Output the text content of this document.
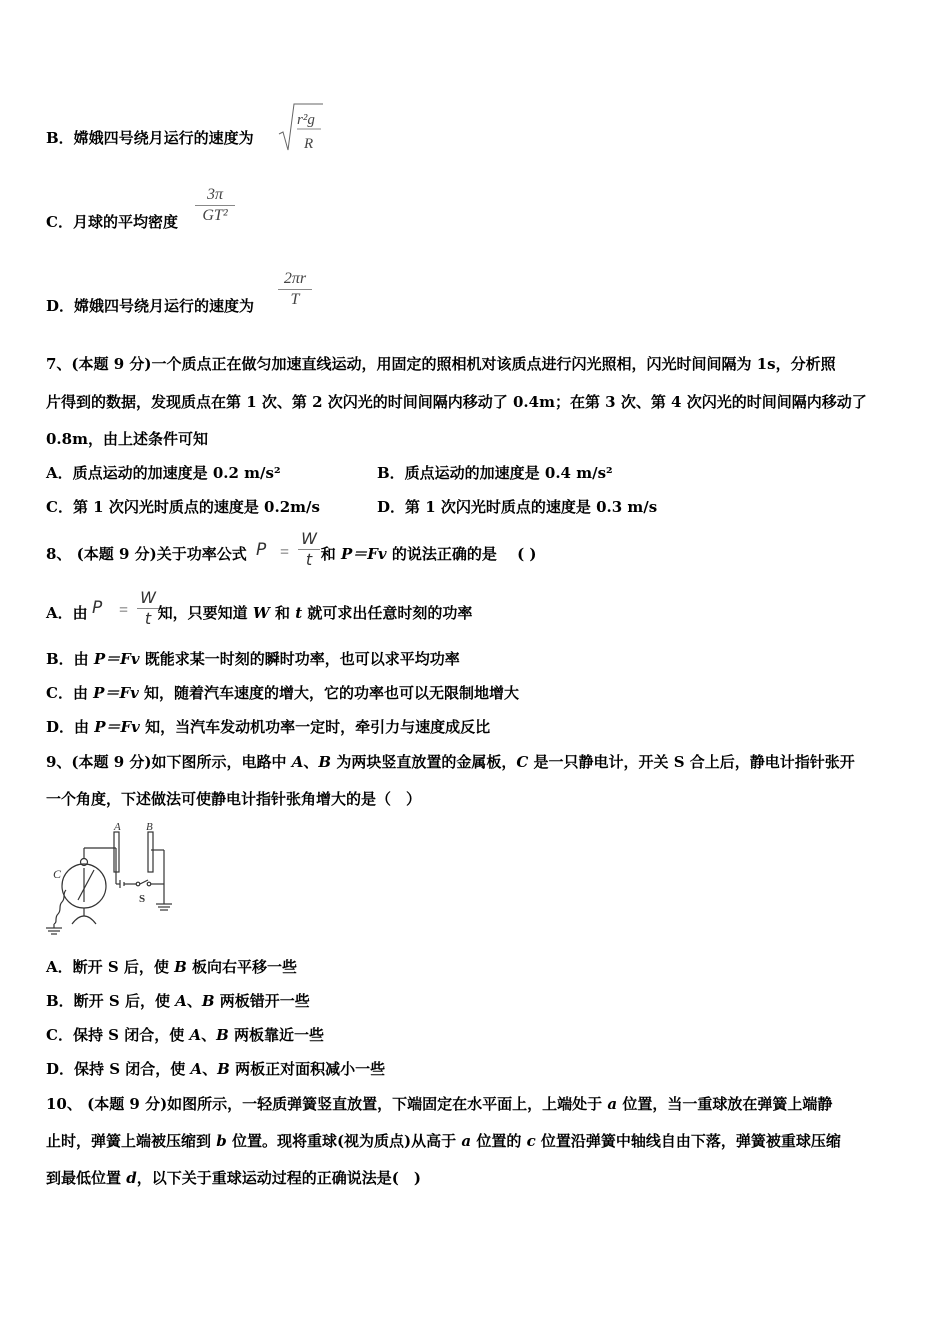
B．嫦娥四号绕月运行的速度为
r²g
R
C．月球的平均密度
3π
GT²
D．嫦娥四号绕月运行的速度为
2πr
T
7、(本题 9 分)一个质点正在做匀加速直线运动，用固定的照相机对该质点进行闪光照相，闪光时间间隔为 1s，分析照
片得到的数据，发现质点在第 1 次、第 2 次闪光的时间间隔内移动了 0.4m；在第 3 次、第 4 次闪光的时间间隔内移动了
0.8m，由上述条件可知
A．质点运动的加速度是 0.2 m/s²	B．质点运动的加速度是 0.4 m/s²
C．第 1 次闪光时质点的速度是 0.2m/s	D．第 1 次闪光时质点的速度是 0.3 m/s
8、 (本题 9 分)关于功率公式	和 P＝Fv 的说法正确的是　 ( )
P =
W
t
A．由	知，只要知道 W 和 t 就可求出任意时刻的功率
P =
W
t
B．由 P＝Fv 既能求某一时刻的瞬时功率，也可以求平均功率
C．由 P＝Fv 知，随着汽车速度的增大，它的功率也可以无限制地增大
D．由 P＝Fv 知，当汽车发动机功率一定时，牵引力与速度成反比
9、(本题 9 分)如下图所示，电路中 A、B 为两块竖直放置的金属板，C 是一只静电计，开关 S 合上后，静电计指针张开
一个角度，下述做法可使静电计指针张角增大的是（　）
A B
C
S
A．断开 S 后，使 B 板向右平移一些
B．断开 S 后，使 A、B 两板错开一些
C．保持 S 闭合，使 A、B 两板靠近一些
D．保持 S 闭合，使 A、B 两板正对面积减小一些
10、 (本题 9 分)如图所示，一轻质弹簧竖直放置，下端固定在水平面上，上端处于 a 位置，当一重球放在弹簧上端静
止时，弹簧上端被压缩到 b 位置。现将重球(视为质点)从高于 a 位置的 c 位置沿弹簧中轴线自由下落，弹簧被重球压缩
到最低位置 d，以下关于重球运动过程的正确说法是(　)
